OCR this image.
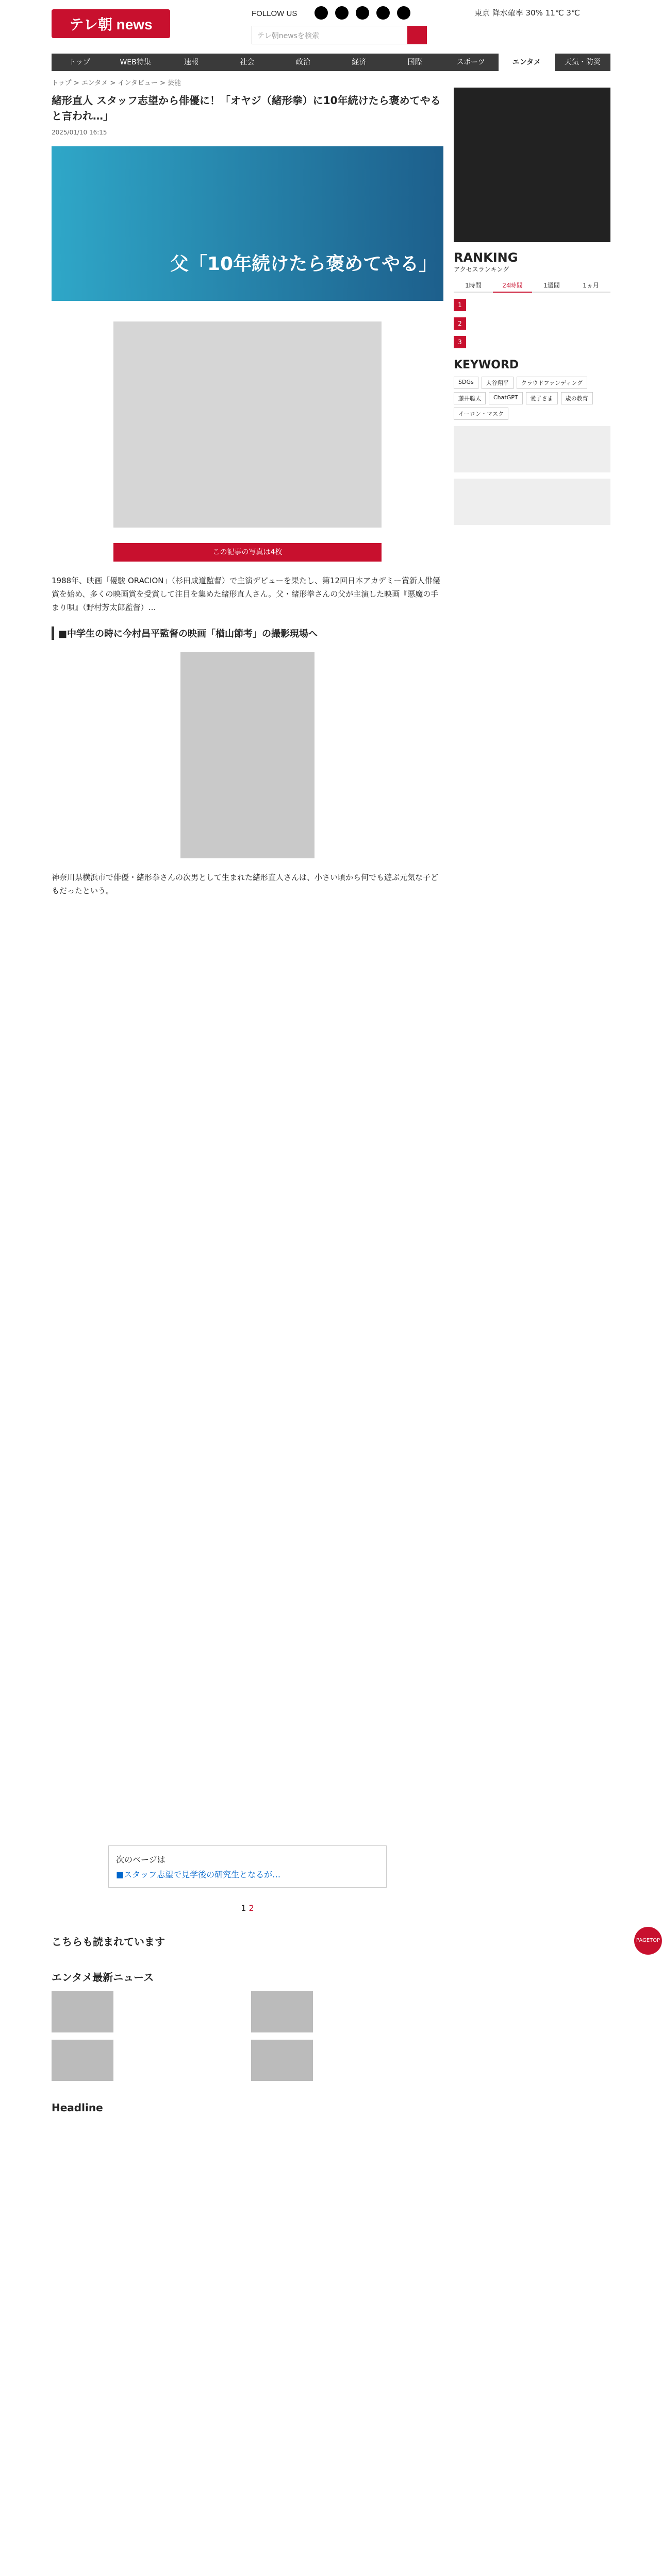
テレ朝 news
FOLLOW US
テレ朝newsを検索
東京 降水確率 30% 11℃ 3℃
トップ	WEB特集	速報	社会	政治	経済	国際	スポーツ	エンタメ	天気・防災
トップ > エンタメ > インタビュー > 芸能
緒形直人 スタッフ志望から俳優に！「オヤジ（緒形拳）に10年続けたら褒めてやると言われ…」
2025/01/10 16:15
父「10年続けたら褒めてやる」
この記事の写真は4枚

1988年、映画「優駿 ORACION」（杉田成道監督）で主演デビューを果たし、第12回日本アカデミー賞新人俳優賞を始め、多くの映画賞を受賞して注目を集めた緒形直人さん。父・緒形拳さんの父が主演した映画『悪魔の手まり唄』（野村芳太郎監督）…

■中学生の時に今村昌平監督の映画「楢山節考」の撮影現場へ

神奈川県横浜市で俳優・緒形拳さんの次男として生まれた緒形直人さんは、小さい頃から何でも遊ぶ元気な子どもだったという。

次のページは
■スタッフ志望で見学後の研究生となるが…
1 2
こちらも読まれています
エンタメ最新ニュース
Headline
RANKING
アクセスランキング
1時間	24時間	1週間	1ヵ月
1
2
3
KEYWORD
SDGs	大谷翔平	クラウドファンディング
藤井聡太	ChatGPT	愛子さま	歳の教育
イーロン・マスク
PAGETOP
